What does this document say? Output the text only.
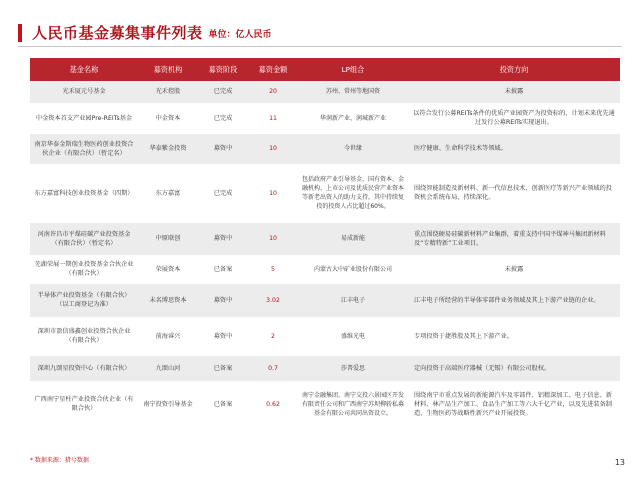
人民币基金募集事件列表 单位：亿人民币
基金名称	募资机构	募资阶段	募资金额	LP组合	投资方向
光禾厦元号基金	光禾控股	已完成	20	苏州、常州等地国资	未披露
中金资本首支产业园Pre-REITs基金	中金资本	已完成	11	华润新产业、润城新产业	以符合发行公募REITs条件的优质产业园资产为投资标的，计划未来优先通过发行公募REITs实现退出。
南京华泰金斯瑞生物医药创业投资合伙企业（有限合伙）（暂定名）	华泰紫金投资	募资中	10	今世缘	医疗健康、生命科学技术等领域。
东方嘉富科技创业投资基金（四期）	东方嘉富	已完成	10	包括政府产业引导基金、国有资本、金融机构、上市公司及优质民营产业资本等新老出资人的助力支持，其中持续复投的投资人占比超过60%。	围绕智能制造及新材料、新一代信息技术、创新医疗等新兴产业领域的投资机会系统布局，持续深化。
河南许昌市平煤硅碳产业投资基金（有限合伙）（暂定名）	中原联创	募资中	10	易成新能	重点围绕硬易硅碳新材料产业集群，着重支持中国平煤神马集团新材料及“专精特新”工业项目。
芜湖荣展一期创业投资基金合伙企业（有限合伙）	荣展资本	已备案	5	内蒙古大中矿业股份有限公司	未披露
半导体产业投资基金（有限合伙）（以工商登记为准）	未名博思资本	募资中	3.02	江丰电子	江丰电子所经营的半导体零部件业务领域及其上下游产业链的企业。
深圳市盈信盛鑫创业投资合伙企业（有限合伙）	前海睿兴	募资中	2	盛维光电	专项投资于捷胜股及其上下游产业。
深圳九颂星投资中心（有限合伙）	九颂山河	已备案	0.7	莎普爱思	定向投资于高端医疗器械（无锡）有限公司股权。
广西南宁星柱产业投资合伙企业（有限合伙）	南宁投资引导基金	已备案	0.62	南宁金融集团、南宁交投六景园区开发有限责任公司和广西南宁苏坝柳轿私募基金有限公司共同出资设立。	围绕南宁市重点发展的新能源汽车及零部件、铝精深加工、电子信息、新材料、林产品生产加工、食品生产加工等六大千亿产业，以及先进装备制造、生物医药等战略性新兴产业开展投资。
* 数据来源：猎兮数据	13
